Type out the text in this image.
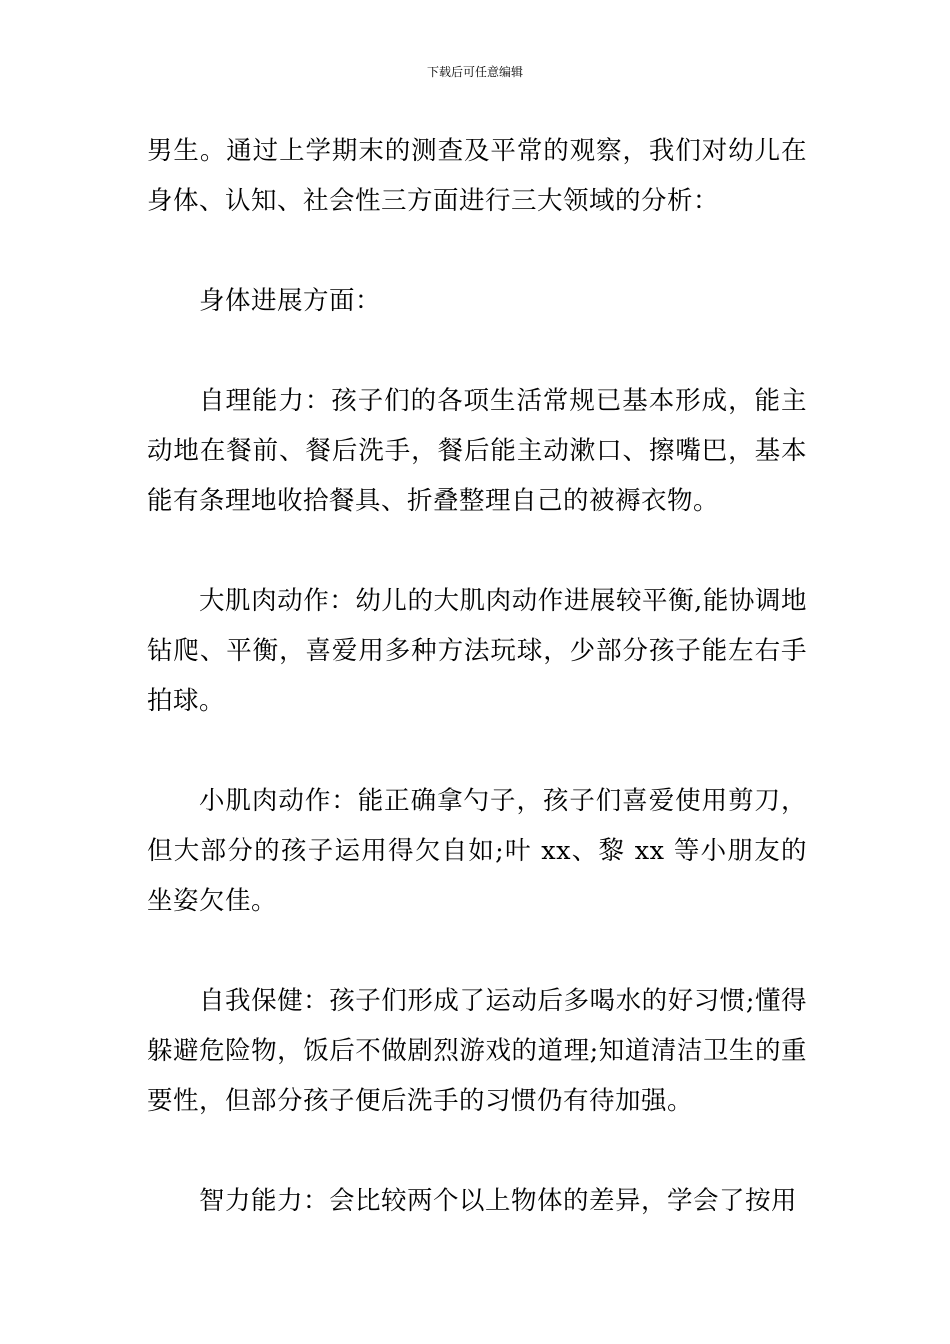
下载后可任意编辑

男生。通过上学期末的测查及平常的观察，我们对幼儿在身体、认知、社会性三方面进行三大领域的分析：

身体进展方面：

自理能力：孩子们的各项生活常规已基本形成，能主动地在餐前、餐后洗手，餐后能主动漱口、擦嘴巴，基本能有条理地收拾餐具、折叠整理自己的被褥衣物。

大肌肉动作：幼儿的大肌肉动作进展较平衡,能协调地钻爬、平衡，喜爱用多种方法玩球，少部分孩子能左右手拍球。

小肌肉动作：能正确拿勺子，孩子们喜爱使用剪刀，但大部分的孩子运用得欠自如;叶 xx、黎 xx 等小朋友的坐姿欠佳。

自我保健：孩子们形成了运动后多喝水的好习惯;懂得躲避危险物，饭后不做剧烈游戏的道理;知道清洁卫生的重要性，但部分孩子便后洗手的习惯仍有待加强。

智力能力：会比较两个以上物体的差异，学会了按用
